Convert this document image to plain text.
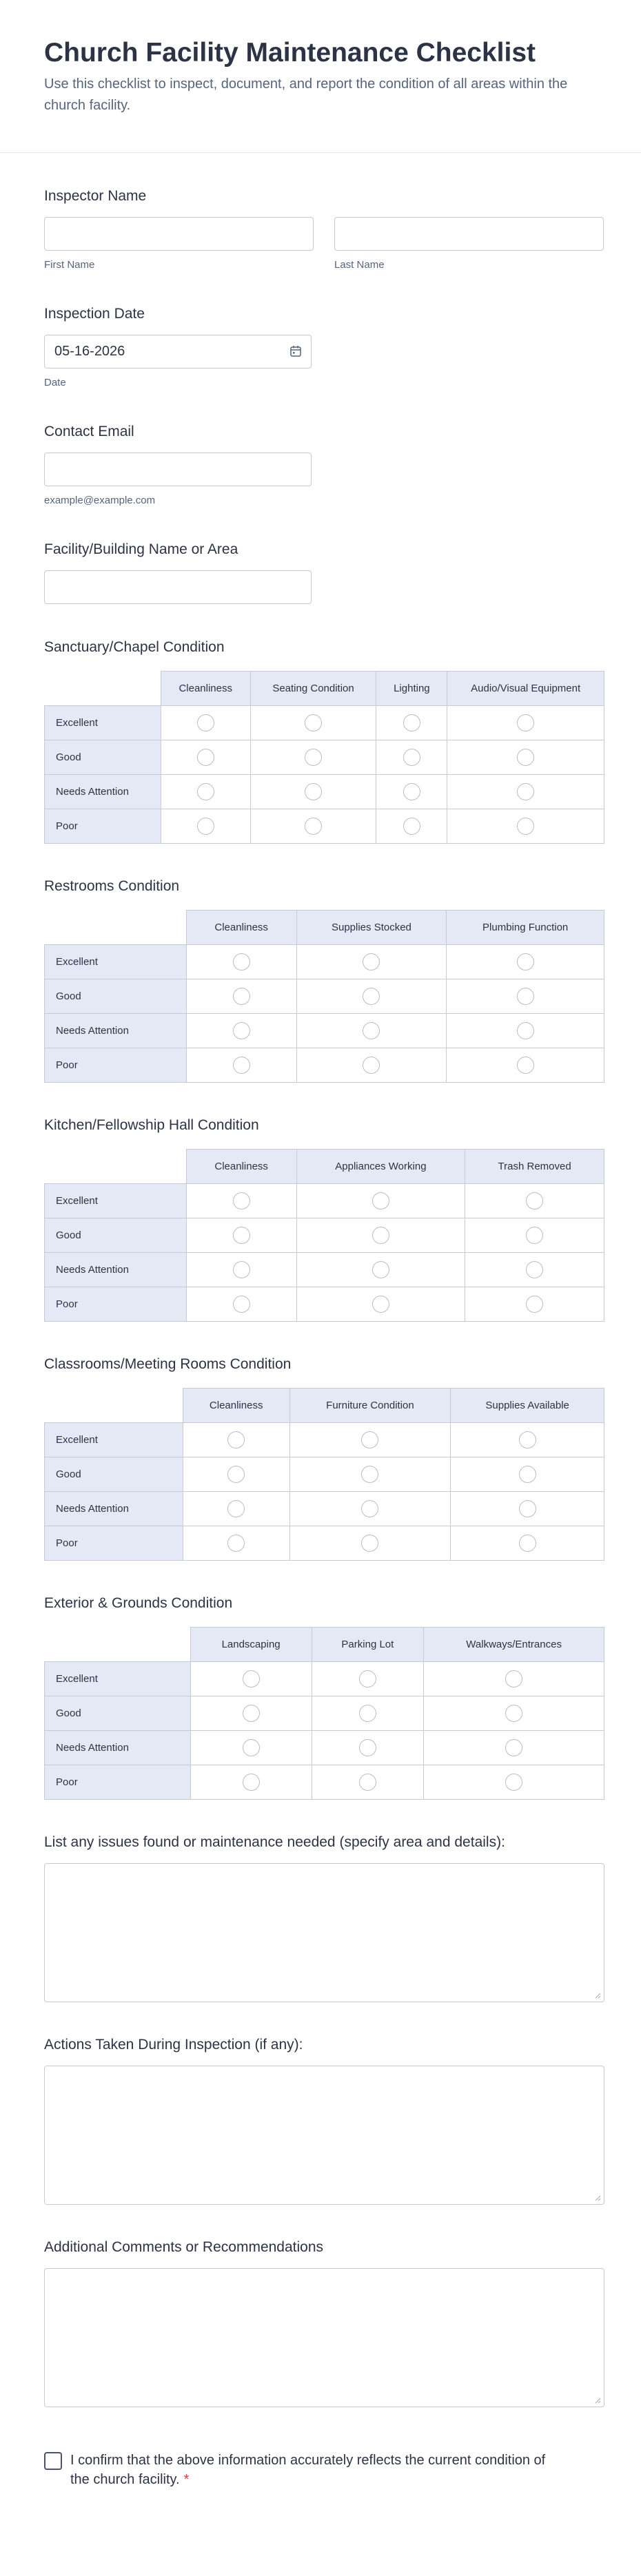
Church Facility Maintenance Checklist

Use this checklist to inspect, document, and report the condition of all areas within the church facility.

Inspector Name
First Name	Last Name
Inspection Date
05-16-2026
Date
Contact Email
example@example.com
Facility/Building Name or Area
Sanctuary/Chapel Condition
	Cleanliness	Seating Condition	Lighting	Audio/Visual Equipment
Excellent				
Good				
Needs Attention				
Poor				
Restrooms Condition
	Cleanliness	Supplies Stocked	Plumbing Function
Excellent			
Good			
Needs Attention			
Poor			
Kitchen/Fellowship Hall Condition
	Cleanliness	Appliances Working	Trash Removed
Excellent			
Good			
Needs Attention			
Poor			
Classrooms/Meeting Rooms Condition
	Cleanliness	Furniture Condition	Supplies Available
Excellent			
Good			
Needs Attention			
Poor			
Exterior & Grounds Condition
	Landscaping	Parking Lot	Walkways/Entrances
Excellent			
Good			
Needs Attention			
Poor			
List any issues found or maintenance needed (specify area and details):
Actions Taken During Inspection (if any):
Additional Comments or Recommendations
I confirm that the above information accurately reflects the current condition of the church facility. *
